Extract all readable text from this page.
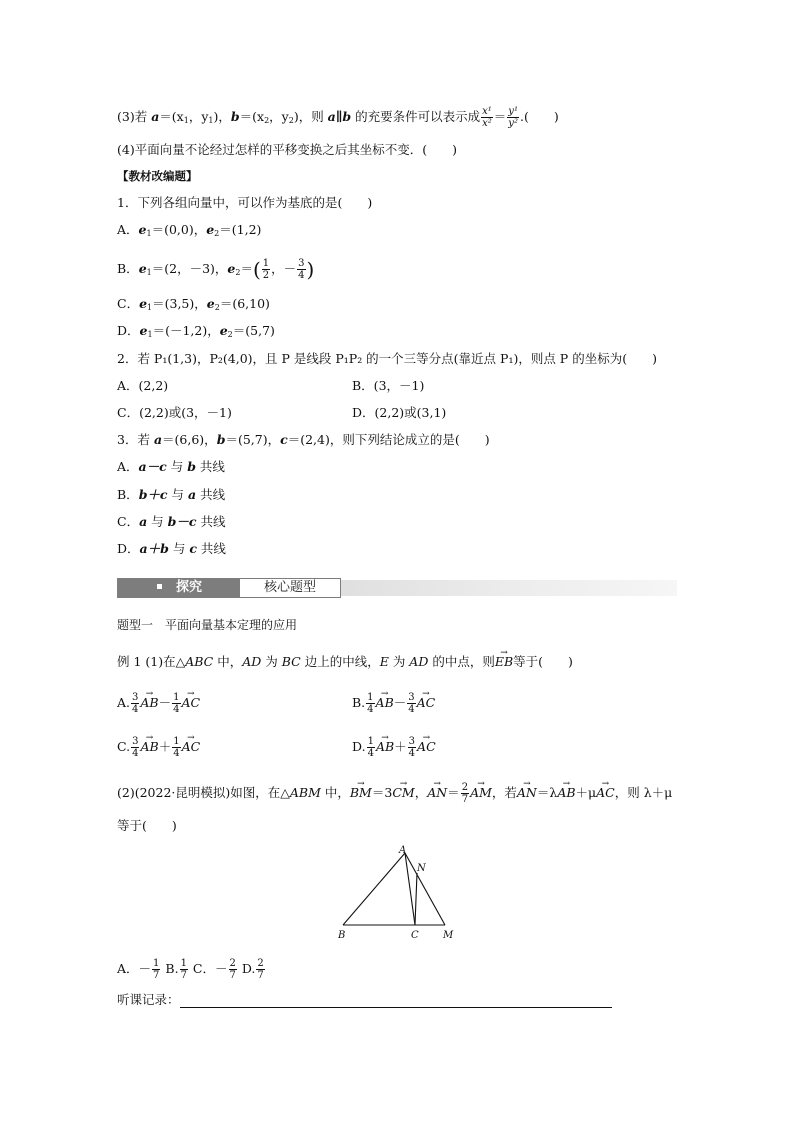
(3)若 $a=(x_1$，$y_1$)，$b=(x_2$，$y_2$)，则 a∥b 的充要条件可以表示成 $\frac{\text{x¹}}{\text{x²}} = \frac{\text{y¹}}{\text{y²}}$ .(　　)
(4)平面向量不论经过怎样的平移变换之后其坐标不变．(　　)
【教材改编题】
1．下列各组向量中，可以作为基底的是(　　)
A．$e_1=(0,0)$，$e_2=(1,2)$
B．$e_1=(2$，－3)，$e_2=( \frac{1}{2}$ ，－ $\frac{3}{4}$ )
C．$e_1=(3,5)$，$e_2=(6,10)$
D．$e_1=(-1,2)$，$e_2=(5,7)$
2．若 P₁(1,3)，P₂(4,0)，且 P 是线段 P₁P₂ 的一个三等分点(靠近点 P₁)，则点 P 的坐标为(　　)
A．(2,2)	B．(3，－1)
C．(2,2)或(3，－1)	D．(2,2)或(3,1)
3．若 a＝(6,6)，b＝(5,7)，c＝(2,4)，则下列结论成立的是(　　)
A．a－c 与 b 共线
B．b＋c 与 a 共线
C．a 与 b－c 共线
D．a＋b 与 c 共线
探究	核心题型
题型一　平面向量基本定理的应用
例 1 (1)在△ABC 中，AD 为 BC 边上的中线，E 为 AD 的中点，则→ EB等于(　　)
A. $\frac{3}{4}$
→ $AB- \frac{1}{4}$
→ AC	B. $\frac{1}{4}$
→ $AB- \frac{3}{4}$
→ AC
C. $\frac{3}{4}$
→ $AB+ \frac{1}{4}$
→ AC	D. $\frac{1}{4}$
→ $AB+ \frac{3}{4}$
→ AC
(2)(2022·昆明模拟)如图，在△ABM 中，→ BM＝3→ CM，→ $AN= \frac{2}{7}$
→ AM，若→ AN＝λ→ AB＋μ→ AC，则 λ＋μ
等于(　　)
A
N
B	C M
A．－ $\frac{1}{7} B$. $\frac{1}{7}$ C．－ $\frac{2}{7} D$. $\frac{2}{7}$
听课记录：
